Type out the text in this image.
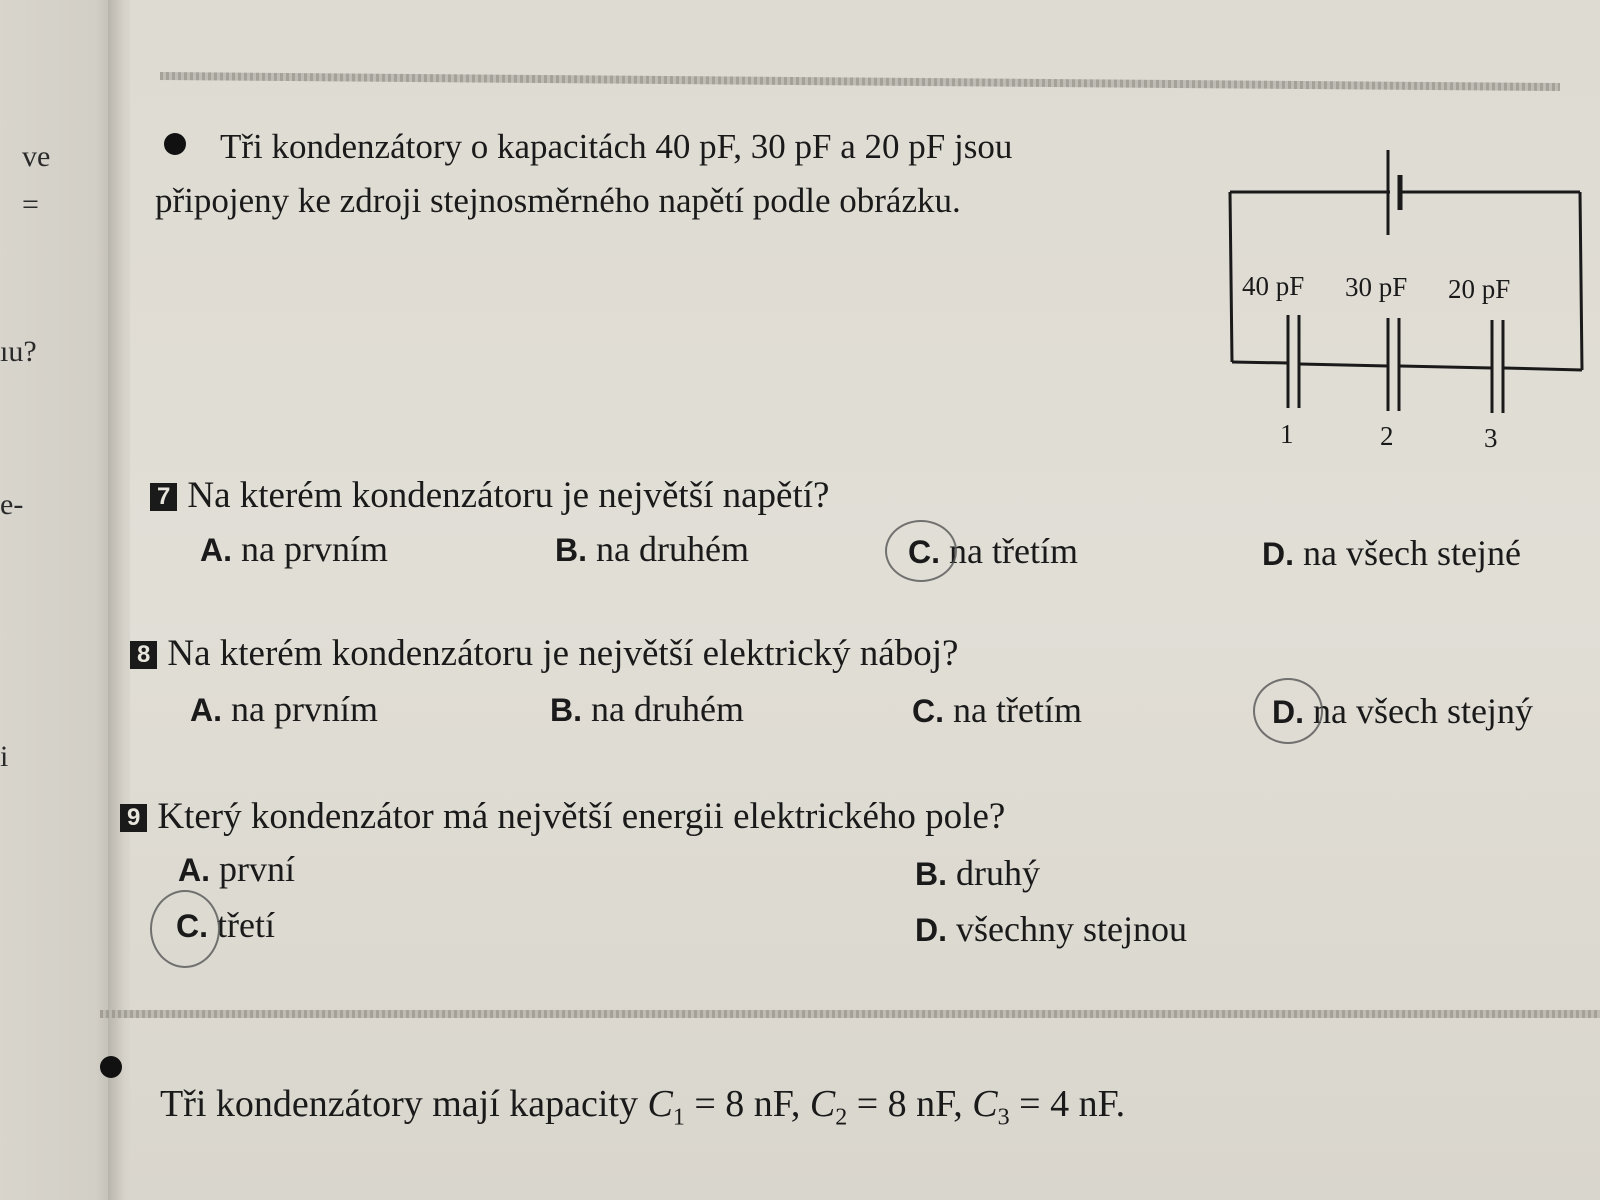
ve
=
ıu?
e-
i
Tři kondenzátory o kapacitách 40 pF, 30 pF a 20 pF jsou
připojeny ke zdroji stejnosměrného napětí podle obrázku.
40 pF 30 pF 20 pF
1	2	3
7 Na kterém kondenzátoru je největší napětí?
A. na prvním	B. na druhém	C. na třetím	D. na všech stejné
8 Na kterém kondenzátoru je největší elektrický náboj?
A. na prvním	B. na druhém	C. na třetím	D. na všech stejný
9 Který kondenzátor má největší energii elektrického pole?
A. první	B. druhý
C. třetí	D. všechny stejnou
Tři kondenzátory mají kapacity $C_1 = 8$ nF, $C_2 = 8$ nF, $C_3 = 4$ nF.
